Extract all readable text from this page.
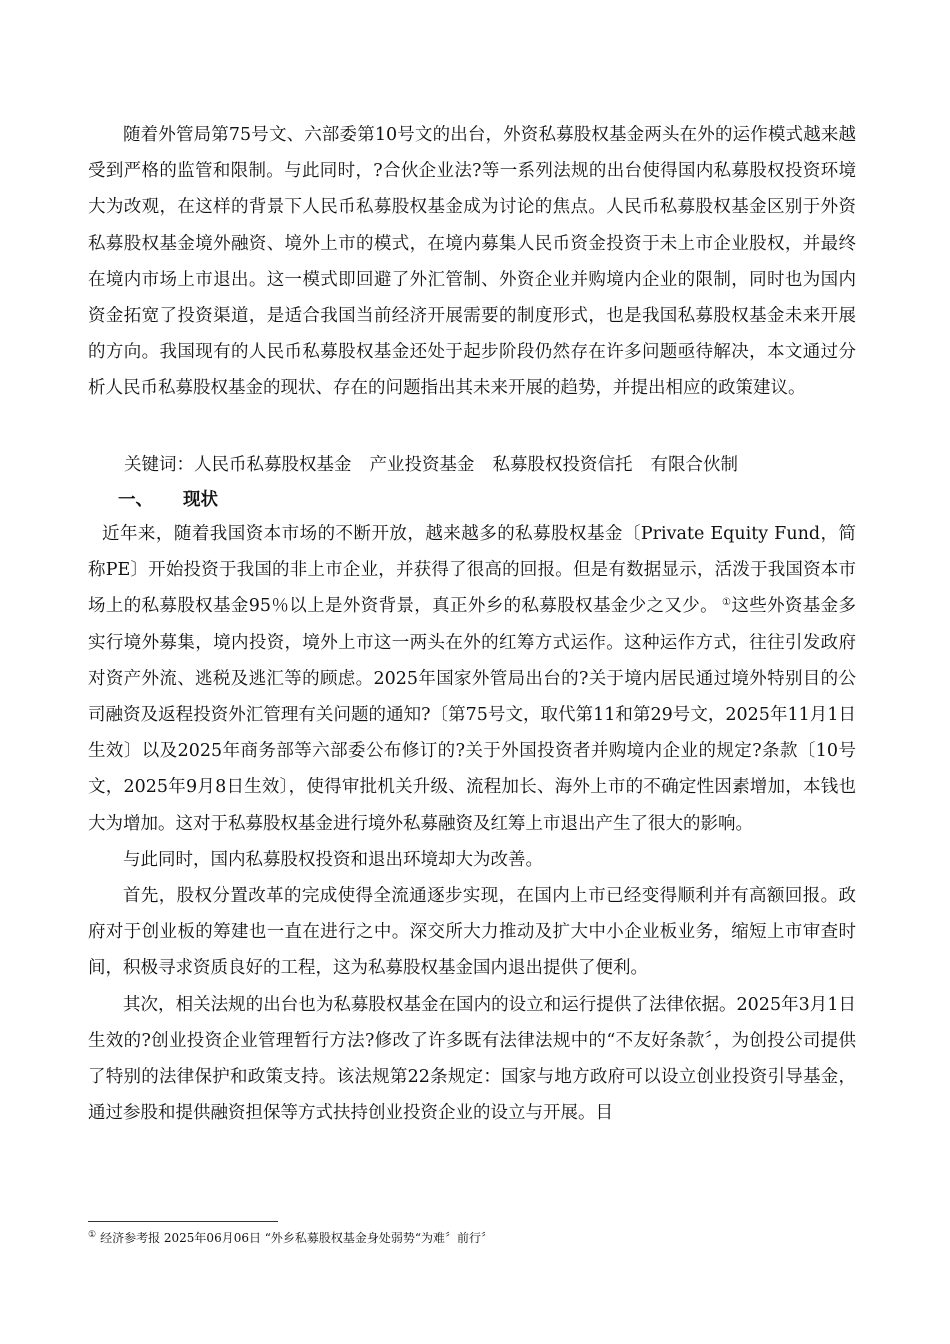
随着外管局第75号文、六部委第10号文的出台，外资私募股权基金两头在外的运作模式越来越受到严格的监管和限制。与此同时，?合伙企业法?等一系列法规的出台使得国内私募股权投资环境大为改观，在这样的背景下人民币私募股权基金成为讨论的焦点。人民币私募股权基金区别于外资私募股权基金境外融资、境外上市的模式，在境内募集人民币资金投资于未上市企业股权，并最终在境内市场上市退出。这一模式即回避了外汇管制、外资企业并购境内企业的限制，同时也为国内资金拓宽了投资渠道，是适合我国当前经济开展需要的制度形式，也是我国私募股权基金未来开展的方向。我国现有的人民币私募股权基金还处于起步阶段仍然存在许多问题亟待解决，本文通过分析人民币私募股权基金的现状、存在的问题指出其未来开展的趋势，并提出相应的政策建议。

关键词：人民币私募股权基金 产业投资基金 私募股权投资信托 有限合伙制
一、 现状

近年来，随着我国资本市场的不断开放，越来越多的私募股权基金〔Private Equity Fund，简称PE〕开始投资于我国的非上市企业，并获得了很高的回报。但是有数据显示，活泼于我国资本市场上的私募股权基金95％以上是外资背景，真正外乡的私募股权基金少之又少。 ①这些外资基金多实行境外募集，境内投资，境外上市这一两头在外的红筹方式运作。这种运作方式，往往引发政府对资产外流、逃税及逃汇等的顾虑。2025年国家外管局出台的?关于境内居民通过境外特别目的公司融资及返程投资外汇管理有关问题的通知?〔第75号文，取代第11和第29号文，2025年11月1日生效〕以及2025年商务部等六部委公布修订的?关于外国投资者并购境内企业的规定?条款〔10号文，2025年9月8日生效〕，使得审批机关升级、流程加长、海外上市的不确定性因素增加，本钱也大为增加。这对于私募股权基金进行境外私募融资及红筹上市退出产生了很大的影响。

与此同时，国内私募股权投资和退出环境却大为改善。

首先，股权分置改革的完成使得全流通逐步实现，在国内上市已经变得顺利并有高额回报。政府对于创业板的筹建也一直在进行之中。深交所大力推动及扩大中小企业板业务，缩短上市审查时间，积极寻求资质良好的工程，这为私募股权基金国内退出提供了便利。

其次，相关法规的出台也为私募股权基金在国内的设立和运行提供了法律依据。2025年3月1日生效的?创业投资企业管理暂行方法?修改了许多既有法律法规中的“不友好条款〞，为创投公司提供了特别的法律保护和政策支持。该法规第22条规定：国家与地方政府可以设立创业投资引导基金，通过参股和提供融资担保等方式扶持创业投资企业的设立与开展。目

① 经济参考报 2025年06月06日 “外乡私募股权基金身处弱势“为难〞前行〞
